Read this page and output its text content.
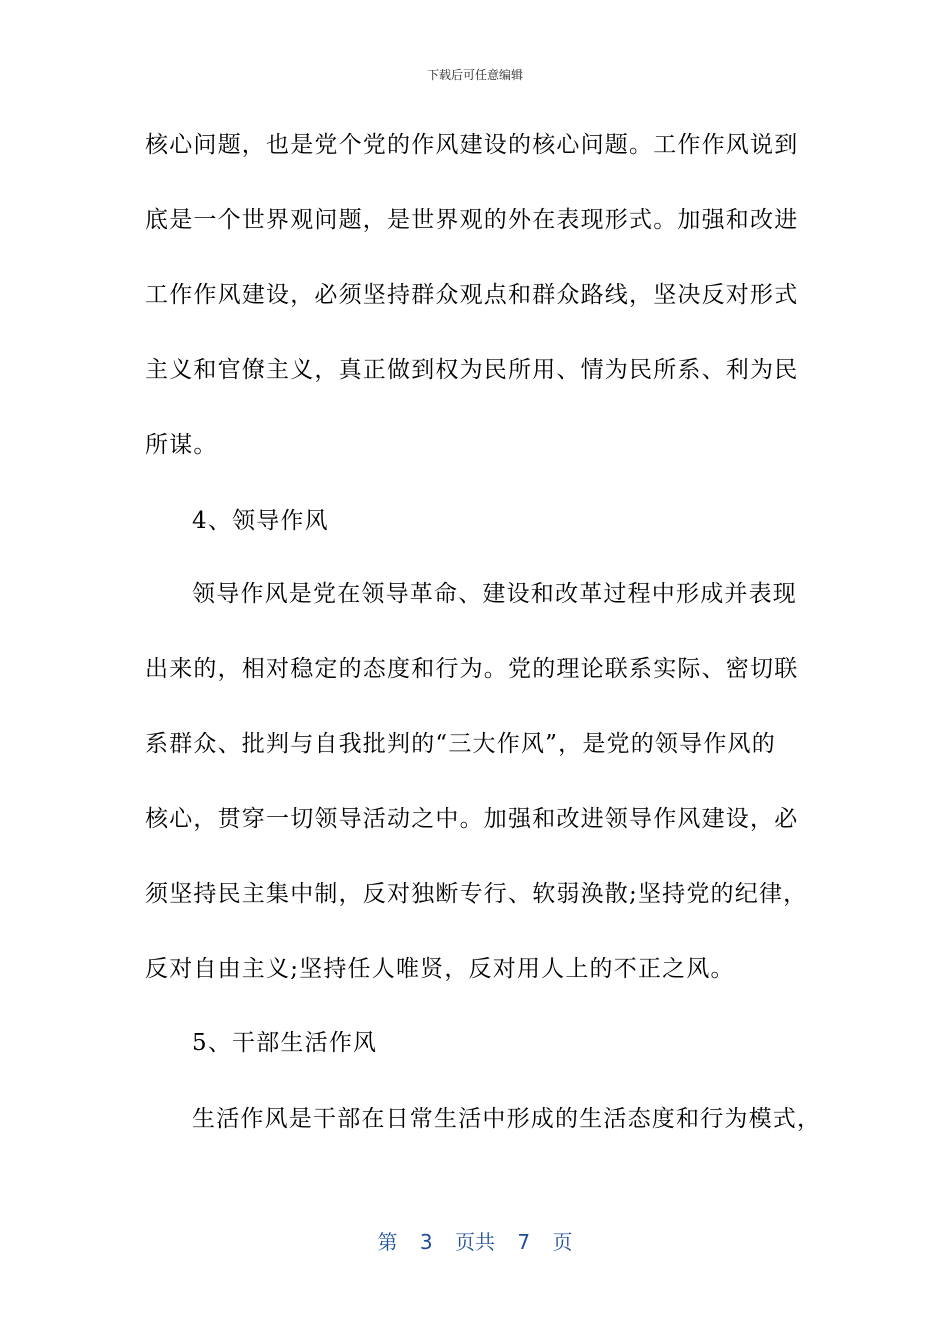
下载后可任意编辑
核心问题，也是党个党的作风建设的核心问题。工作作风说到
底是一个世界观问题，是世界观的外在表现形式。加强和改进
工作作风建设，必须坚持群众观点和群众路线，坚决反对形式
主义和官僚主义，真正做到权为民所用、情为民所系、利为民
所谋。
4、领导作风
领导作风是党在领导革命、建设和改革过程中形成并表现
出来的，相对稳定的态度和行为。党的理论联系实际、密切联
系群众、批判与自我批判的“三大作风”，是党的领导作风的
核心，贯穿一切领导活动之中。加强和改进领导作风建设，必
须坚持民主集中制，反对独断专行、软弱涣散;坚持党的纪律，
反对自由主义;坚持任人唯贤，反对用人上的不正之风。
5、干部生活作风
生活作风是干部在日常生活中形成的生活态度和行为模式，
第 3 页共 7 页
